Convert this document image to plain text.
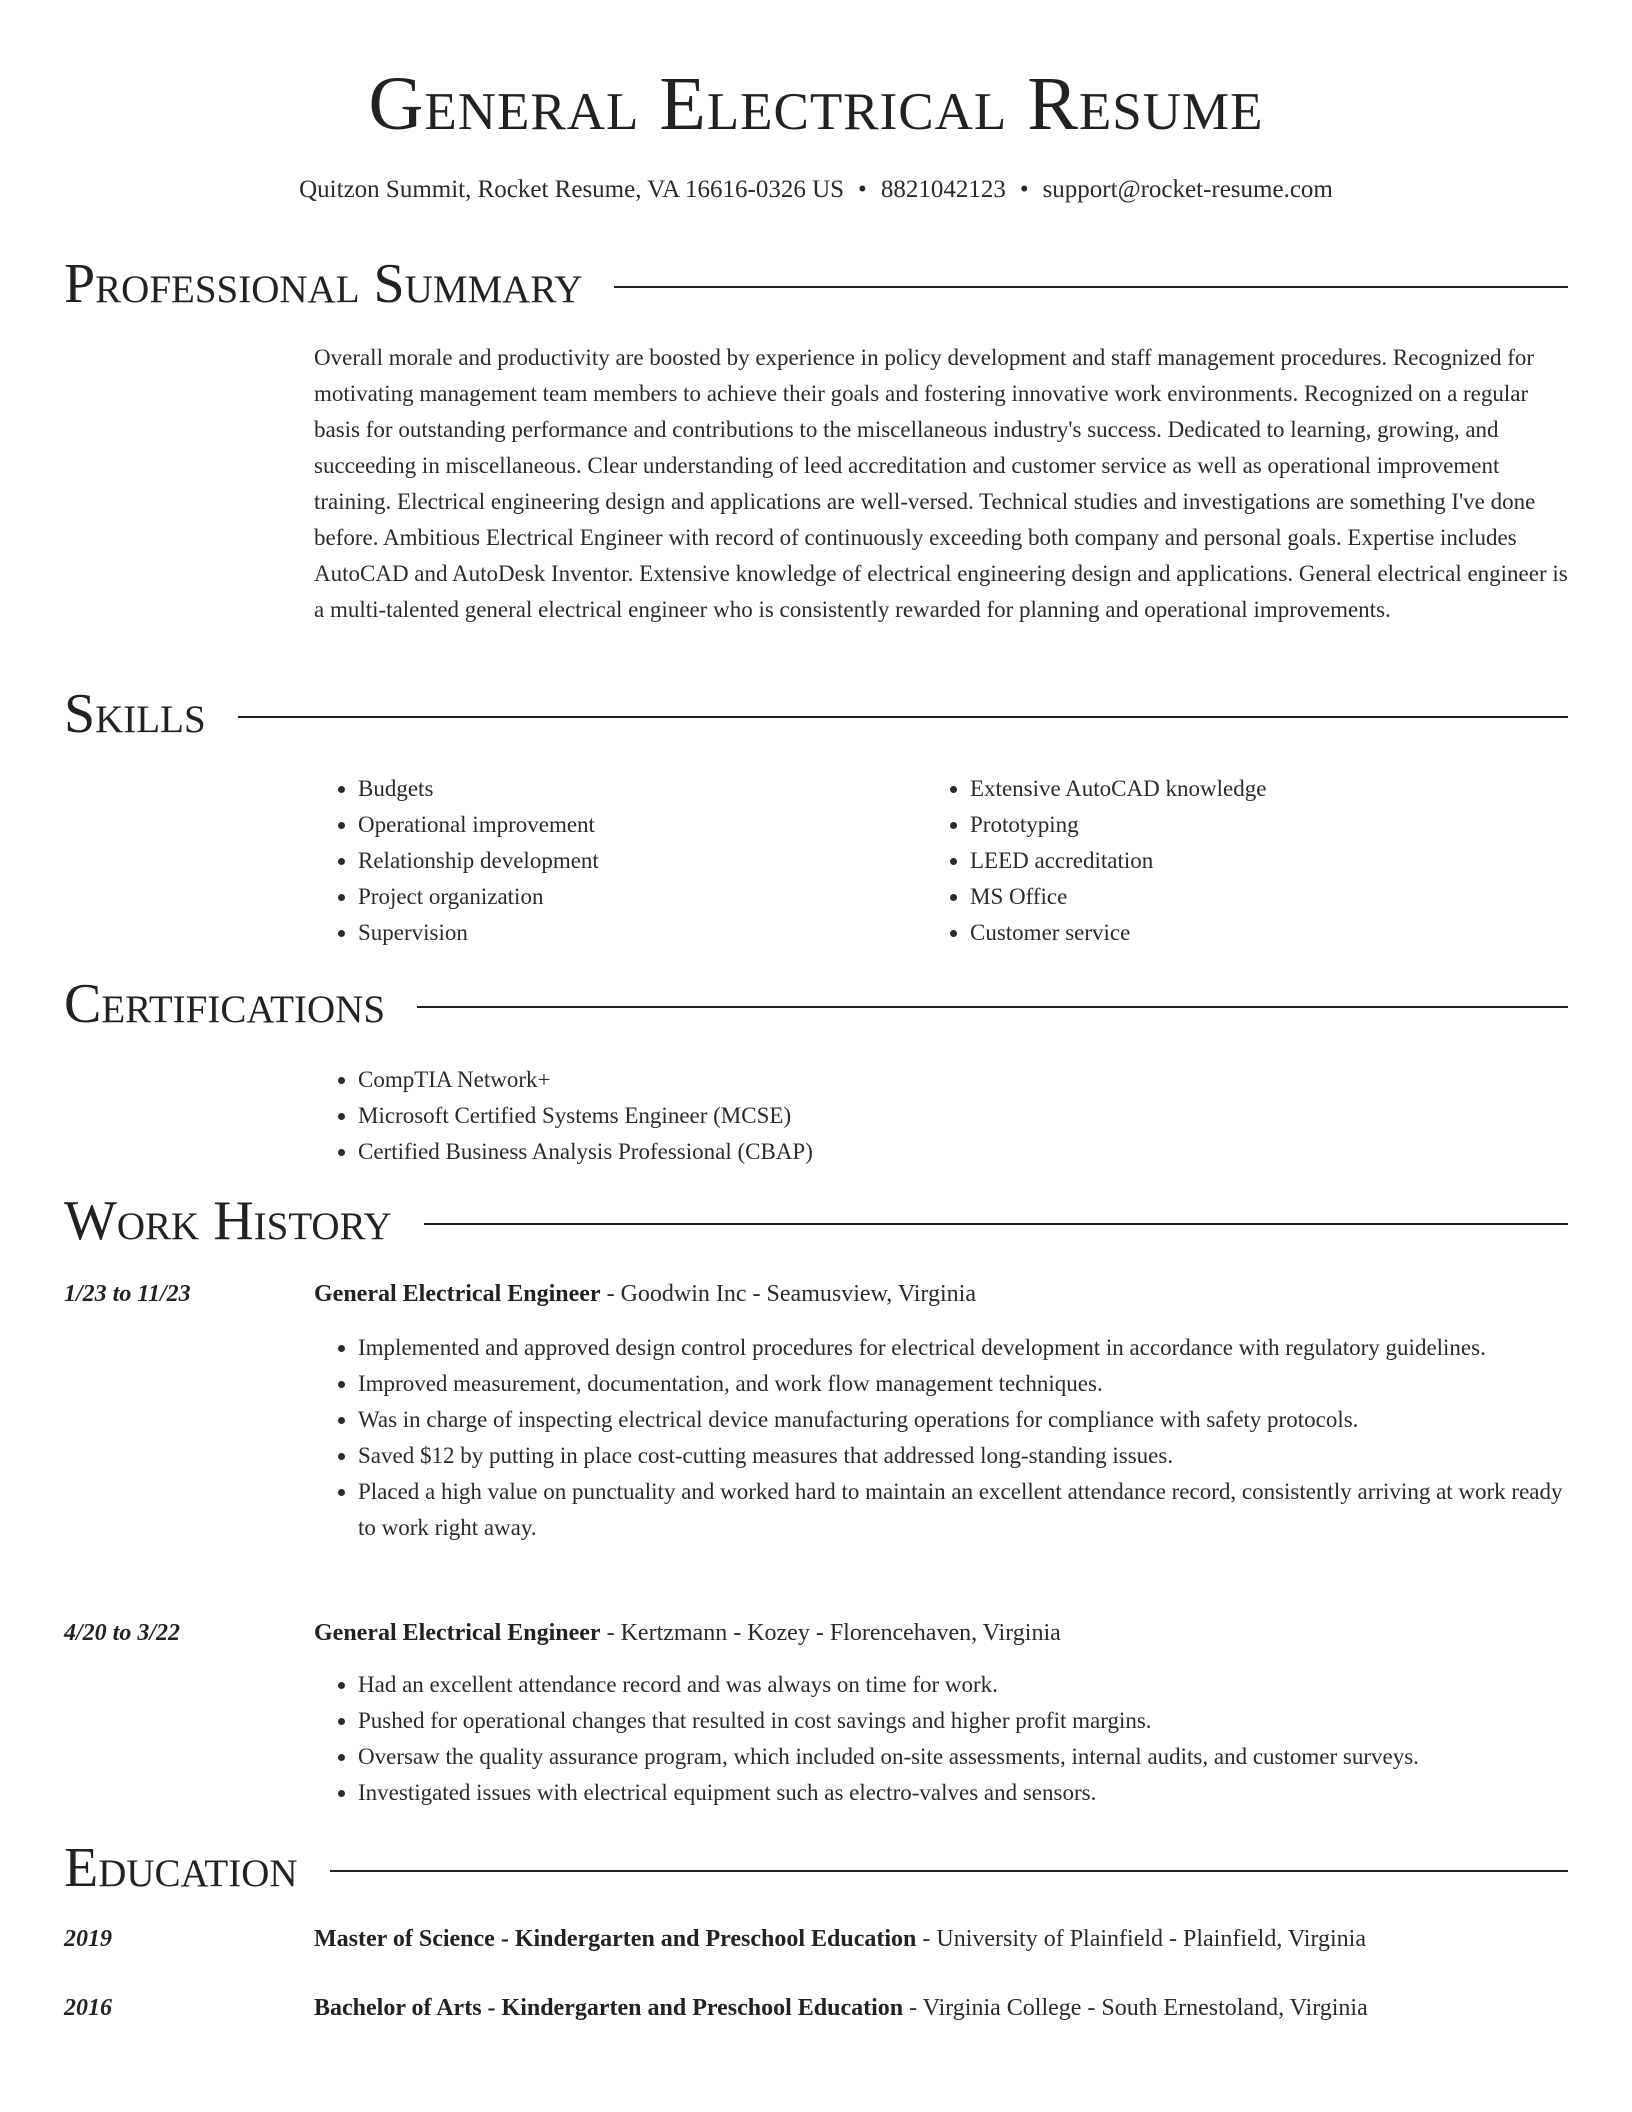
General Electrical Resume
Quitzon Summit, Rocket Resume, VA 16616-0326 US • 8821042123 • support@rocket-resume.com
Professional Summary

Overall morale and productivity are boosted by experience in policy development and staff management procedures. Recognized for motivating management team members to achieve their goals and fostering innovative work environments. Recognized on a regular basis for outstanding performance and contributions to the miscellaneous industry's success. Dedicated to learning, growing, and succeeding in miscellaneous. Clear understanding of leed accreditation and customer service as well as operational improvement training. Electrical engineering design and applications are well-versed. Technical studies and investigations are something I've done before. Ambitious Electrical Engineer with record of continuously exceeding both company and personal goals. Expertise includes AutoCAD and AutoDesk Inventor. Extensive knowledge of electrical engineering design and applications. General electrical engineer is a multi-talented general electrical engineer who is consistently rewarded for planning and operational improvements.

Skills
• Budgets
• Operational improvement
• Relationship development
• Project organization
• Supervision
• Extensive AutoCAD knowledge
• Prototyping
• LEED accreditation
• MS Office
• Customer service
Certifications
• CompTIA Network+
• Microsoft Certified Systems Engineer (MCSE)
• Certified Business Analysis Professional (CBAP)
Work History
1/23 to 11/23	General Electrical Engineer - Goodwin Inc - Seamusview, Virginia
• Implemented and approved design control procedures for electrical development in accordance with regulatory guidelines.
• Improved measurement, documentation, and work flow management techniques.
• Was in charge of inspecting electrical device manufacturing operations for compliance with safety protocols.
• Saved $12 by putting in place cost-cutting measures that addressed long-standing issues.
• Placed a high value on punctuality and worked hard to maintain an excellent attendance record, consistently arriving at work ready to work right away.
4/20 to 3/22	General Electrical Engineer - Kertzmann - Kozey - Florencehaven, Virginia
• Had an excellent attendance record and was always on time for work.
• Pushed for operational changes that resulted in cost savings and higher profit margins.
• Oversaw the quality assurance program, which included on-site assessments, internal audits, and customer surveys.
• Investigated issues with electrical equipment such as electro-valves and sensors.
Education
2019	Master of Science - Kindergarten and Preschool Education - University of Plainfield - Plainfield, Virginia
2016	Bachelor of Arts - Kindergarten and Preschool Education - Virginia College - South Ernestoland, Virginia
